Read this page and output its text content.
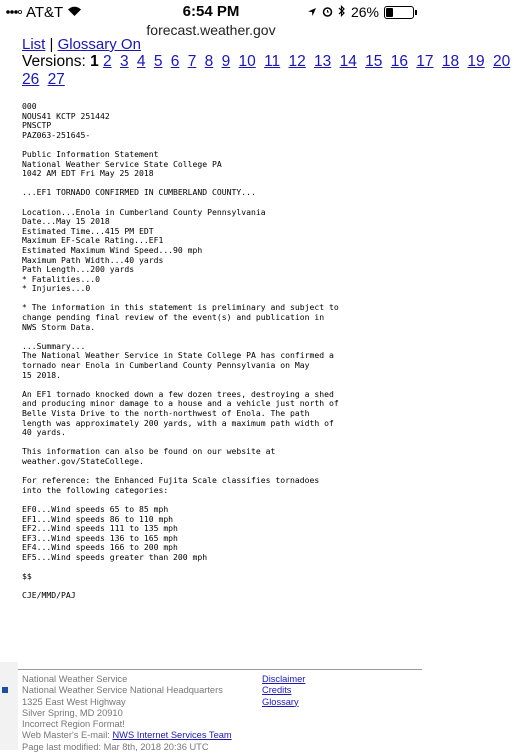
AT&T	6:54 PM	26%
forecast.weather.gov
List | Glossary On
Versions: 1 2 3 4 5 6 7 8 9 10 11 12 13 14 15 16 17 18 19 20
26 27
000
NOUS41 KCTP 251442
PNSCTP
PAZ063-251645-

Public Information Statement
National Weather Service State College PA
1042 AM EDT Fri May 25 2018

...EF1 TORNADO CONFIRMED IN CUMBERLAND COUNTY...

Location...Enola in Cumberland County Pennsylvania
Date...May 15 2018
Estimated Time...415 PM EDT
Maximum EF-Scale Rating...EF1
Estimated Maximum Wind Speed...90 mph
Maximum Path Width...40 yards
Path Length...200 yards
* Fatalities...0
* Injuries...0

* The information in this statement is preliminary and subject to
change pending final review of the event(s) and publication in
NWS Storm Data.

...Summary...
The National Weather Service in State College PA has confirmed a
tornado near Enola in Cumberland County Pennsylvania on May
15 2018.

An EF1 tornado knocked down a few dozen trees, destroying a shed
and producing minor damage to a house and a vehicle just north of
Belle Vista Drive to the north-northwest of Enola. The path
length was approximately 200 yards, with a maximum path width of
40 yards.

This information can also be found on our website at
weather.gov/StateCollege.

For reference: the Enhanced Fujita Scale classifies tornadoes
into the following categories:

EF0...Wind speeds 65 to 85 mph
EF1...Wind speeds 86 to 110 mph
EF2...Wind speeds 111 to 135 mph
EF3...Wind speeds 136 to 165 mph
EF4...Wind speeds 166 to 200 mph
EF5...Wind speeds greater than 200 mph

$$

CJE/MMD/PAJ
National Weather Service
National Weather Service National Headquarters
1325 East West Highway
Silver Spring, MD 20910
Incorrect Region Format!
Web Master's E-mail: NWS Internet Services Team
Page last modified: Mar 8th, 2018 20:36 UTC
Disclaimer
Credits
Glossary
